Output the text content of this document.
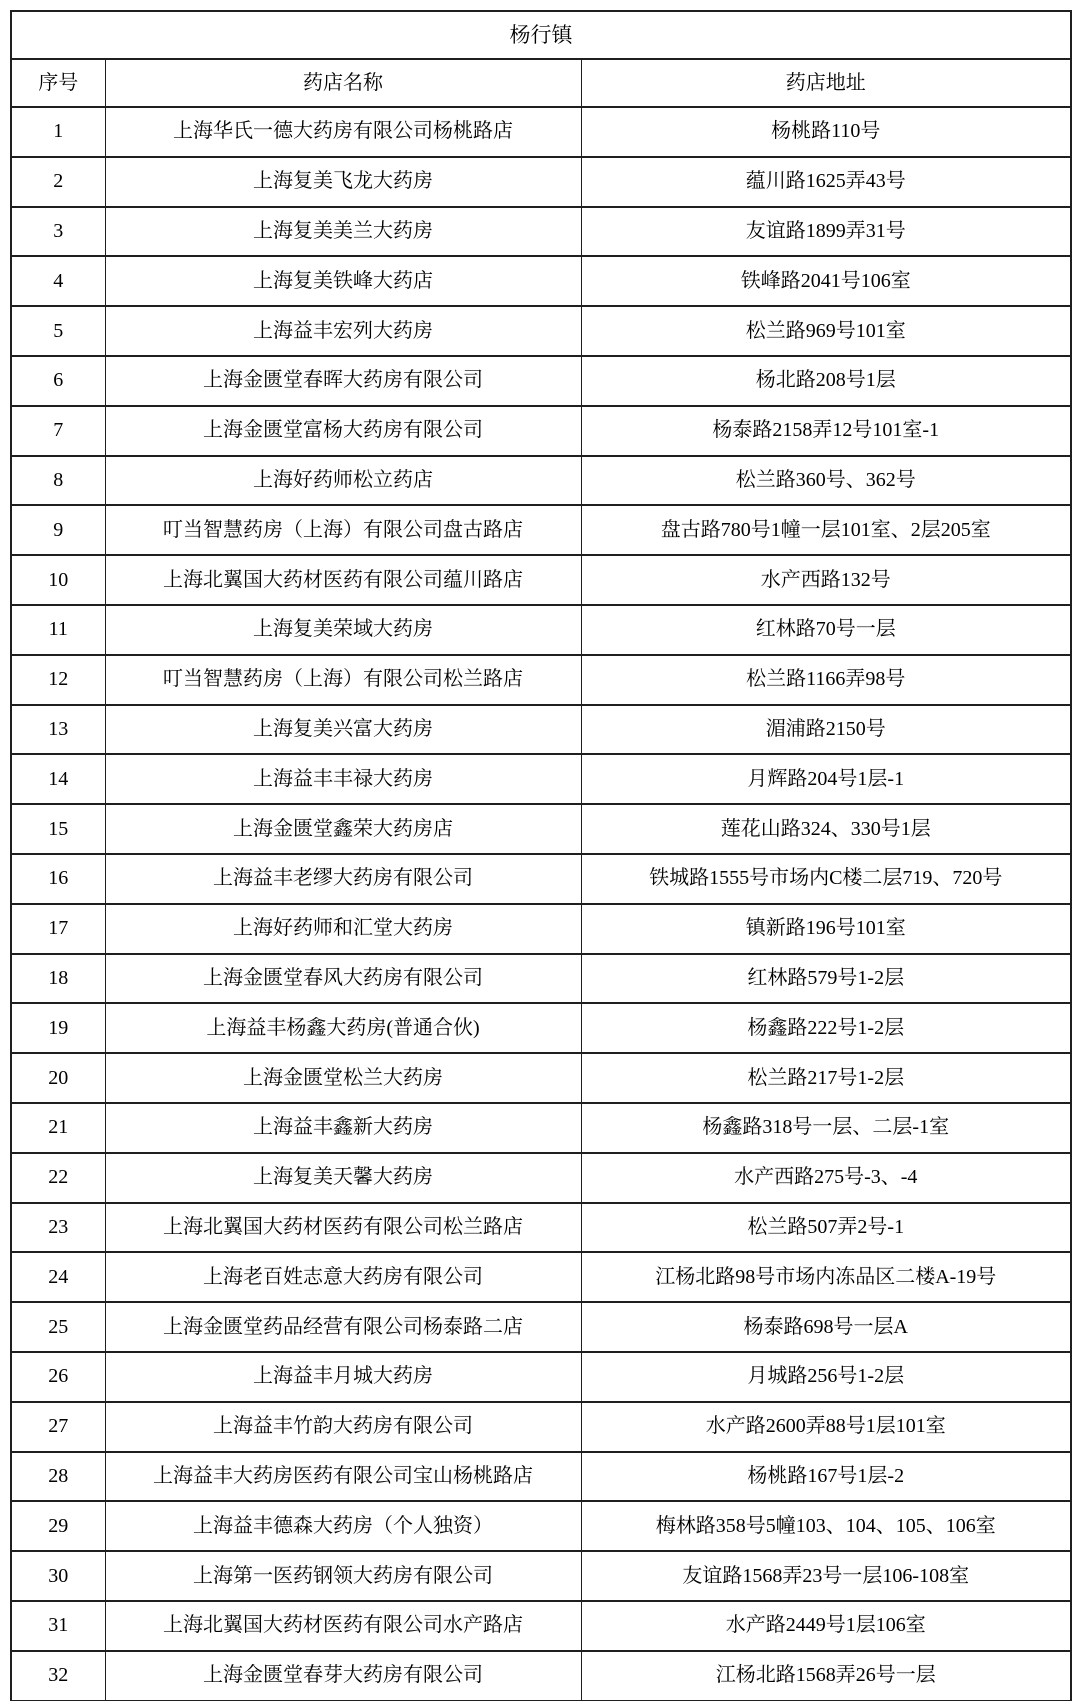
杨行镇		
序号	药店名称	药店地址
1	上海华氏一德大药房有限公司杨桃路店	杨桃路110号
2	上海复美飞龙大药房	蕴川路1625弄43号
3	上海复美美兰大药房	友谊路1899弄31号
4	上海复美铁峰大药店	铁峰路2041号106室
5	上海益丰宏列大药房	松兰路969号101室
6	上海金匮堂春晖大药房有限公司	杨北路208号1层
7	上海金匮堂富杨大药房有限公司	杨泰路2158弄12号101室-1
8	上海好药师松立药店	松兰路360号、362号
9	叮当智慧药房（上海）有限公司盘古路店	盘古路780号1幢一层101室、2层205室
10	上海北翼国大药材医药有限公司蕴川路店	水产西路132号
11	上海复美荣域大药房	红林路70号一层
12	叮当智慧药房（上海）有限公司松兰路店	松兰路1166弄98号
13	上海复美兴富大药房	湄浦路2150号
14	上海益丰丰禄大药房	月辉路204号1层-1
15	上海金匮堂鑫荣大药房店	莲花山路324、330号1层
16	上海益丰老缪大药房有限公司	铁城路1555号市场内C楼二层719、720号
17	上海好药师和汇堂大药房	镇新路196号101室
18	上海金匮堂春风大药房有限公司	红林路579号1-2层
19	上海益丰杨鑫大药房(普通合伙)	杨鑫路222号1-2层
20	上海金匮堂松兰大药房	松兰路217号1-2层
21	上海益丰鑫新大药房	杨鑫路318号一层、二层-1室
22	上海复美天馨大药房	水产西路275号-3、-4
23	上海北翼国大药材医药有限公司松兰路店	松兰路507弄2号-1
24	上海老百姓志意大药房有限公司	江杨北路98号市场内冻品区二楼A-19号
25	上海金匮堂药品经营有限公司杨泰路二店	杨泰路698号一层A
26	上海益丰月城大药房	月城路256号1-2层
27	上海益丰竹韵大药房有限公司	水产路2600弄88号1层101室
28	上海益丰大药房医药有限公司宝山杨桃路店	杨桃路167号1层-2
29	上海益丰德森大药房（个人独资）	梅林路358号5幢103、104、105、106室
30	上海第一医药钢领大药房有限公司	友谊路1568弄23号一层106-108室
31	上海北翼国大药材医药有限公司水产路店	水产路2449号1层106室
32	上海金匮堂春芽大药房有限公司	江杨北路1568弄26号一层
